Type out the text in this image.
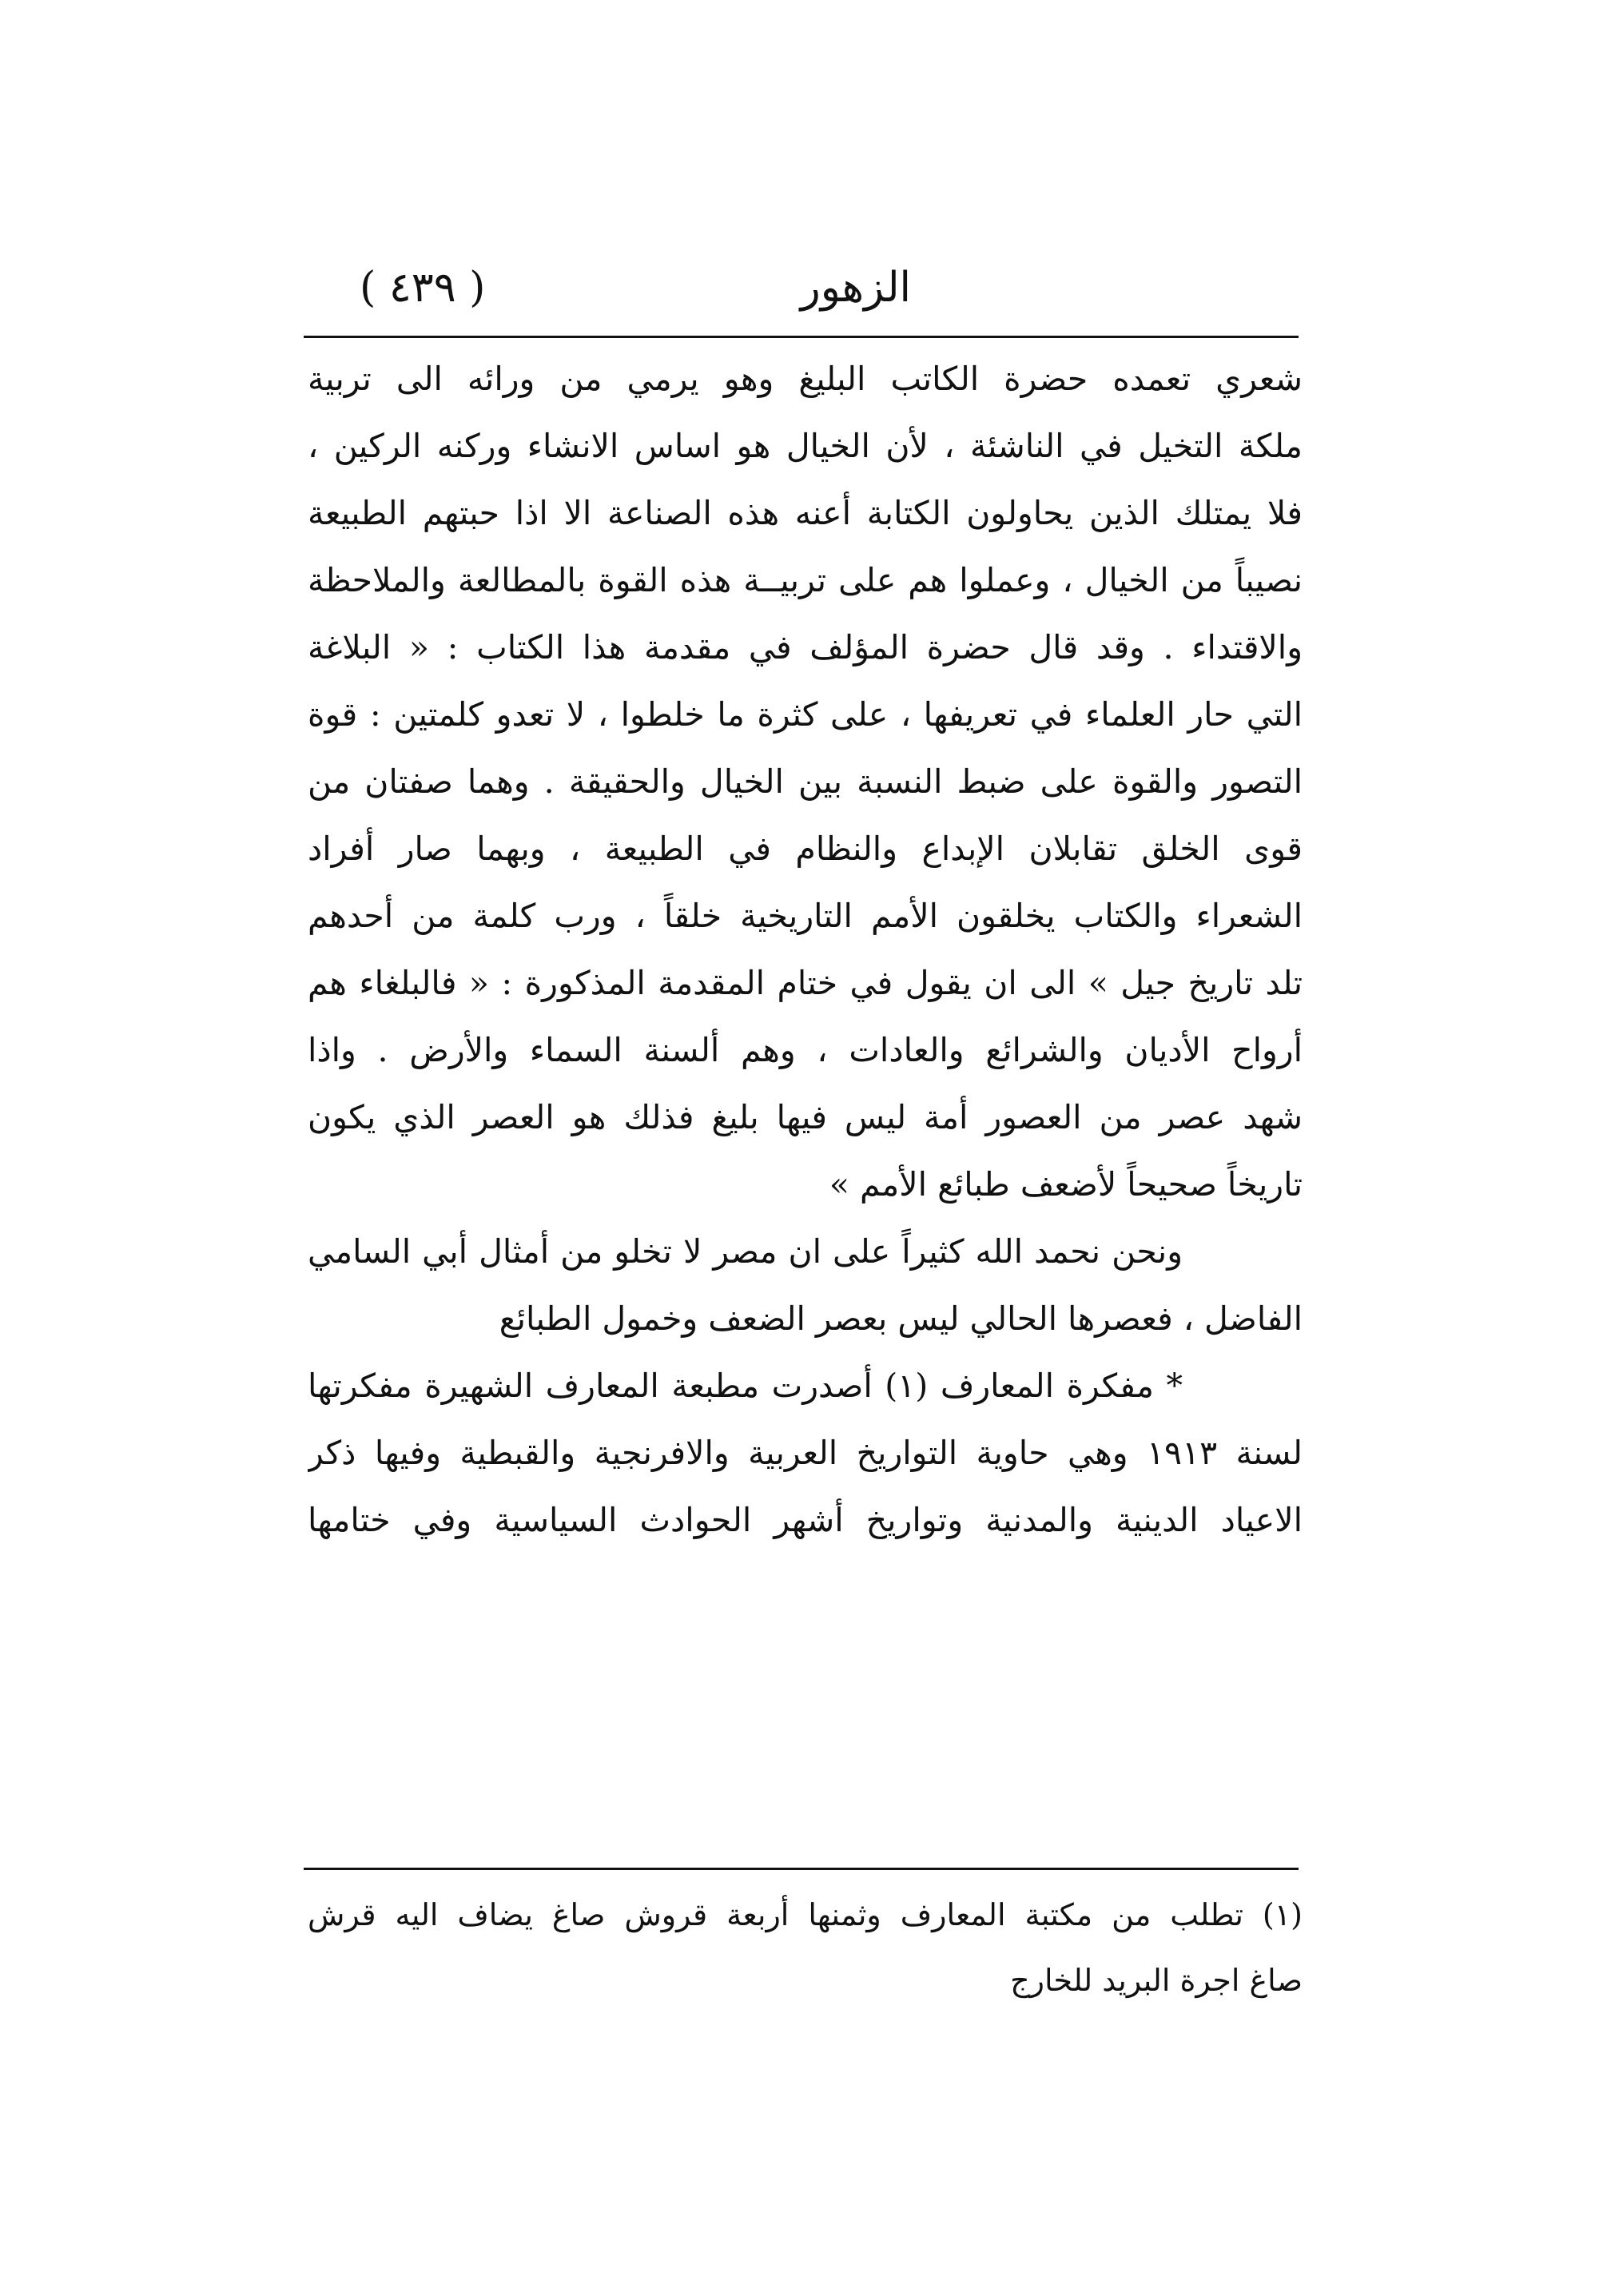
الزهور
( ٤٣٩ )

شعري تعمده حضرة الكاتب البليغ وهو يرمي من ورائه الى تربية
ملكة التخيل في الناشئة ، لأن الخيال هو اساس الانشاء وركنه الركين ،
فلا يمتلك الذين يحاولون الكتابة أعنه هذه الصناعة الا اذا حبتهم الطبيعة
نصيباً من الخيال ، وعملوا هم على تربيــة هذه القوة بالمطالعة والملاحظة
والاقتداء . وقد قال حضرة المؤلف في مقدمة هذا الكتاب : « البلاغة
التي حار العلماء في تعريفها ، على كثرة ما خلطوا ، لا تعدو كلمتين : قوة
التصور والقوة على ضبط النسبة بين الخيال والحقيقة . وهما صفتان من
قوى الخلق تقابلان الإبداع والنظام في الطبيعة ، وبهما صار أفراد
الشعراء والكتاب يخلقون الأمم التاريخية خلقاً ، ورب كلمة من أحدهم
تلد تاريخ جيل » الى ان يقول في ختام المقدمة المذكورة : « فالبلغاء هم
أرواح الأديان والشرائع والعادات ، وهم ألسنة السماء والأرض . واذا
شهد عصر من العصور أمة ليس فيها بليغ فذلك هو العصر الذي يكون
تاريخاً صحيحاً لأضعف طبائع الأمم »

ونحن نحمد الله كثيراً على ان مصر لا تخلو من أمثال أبي السامي
الفاضل ، فعصرها الحالي ليس بعصر الضعف وخمول الطبائع

* مفكرة المعارف (١) أصدرت مطبعة المعارف الشهيرة مفكرتها
لسنة ١٩١٣ وهي حاوية التواريخ العربية والافرنجية والقبطية وفيها ذكر
الاعياد الدينية والمدنية وتواريخ أشهر الحوادث السياسية وفي ختامها

(١) تطلب من مكتبة المعارف وثمنها أربعة قروش صاغ يضاف اليه قرش
صاغ اجرة البريد للخارج
